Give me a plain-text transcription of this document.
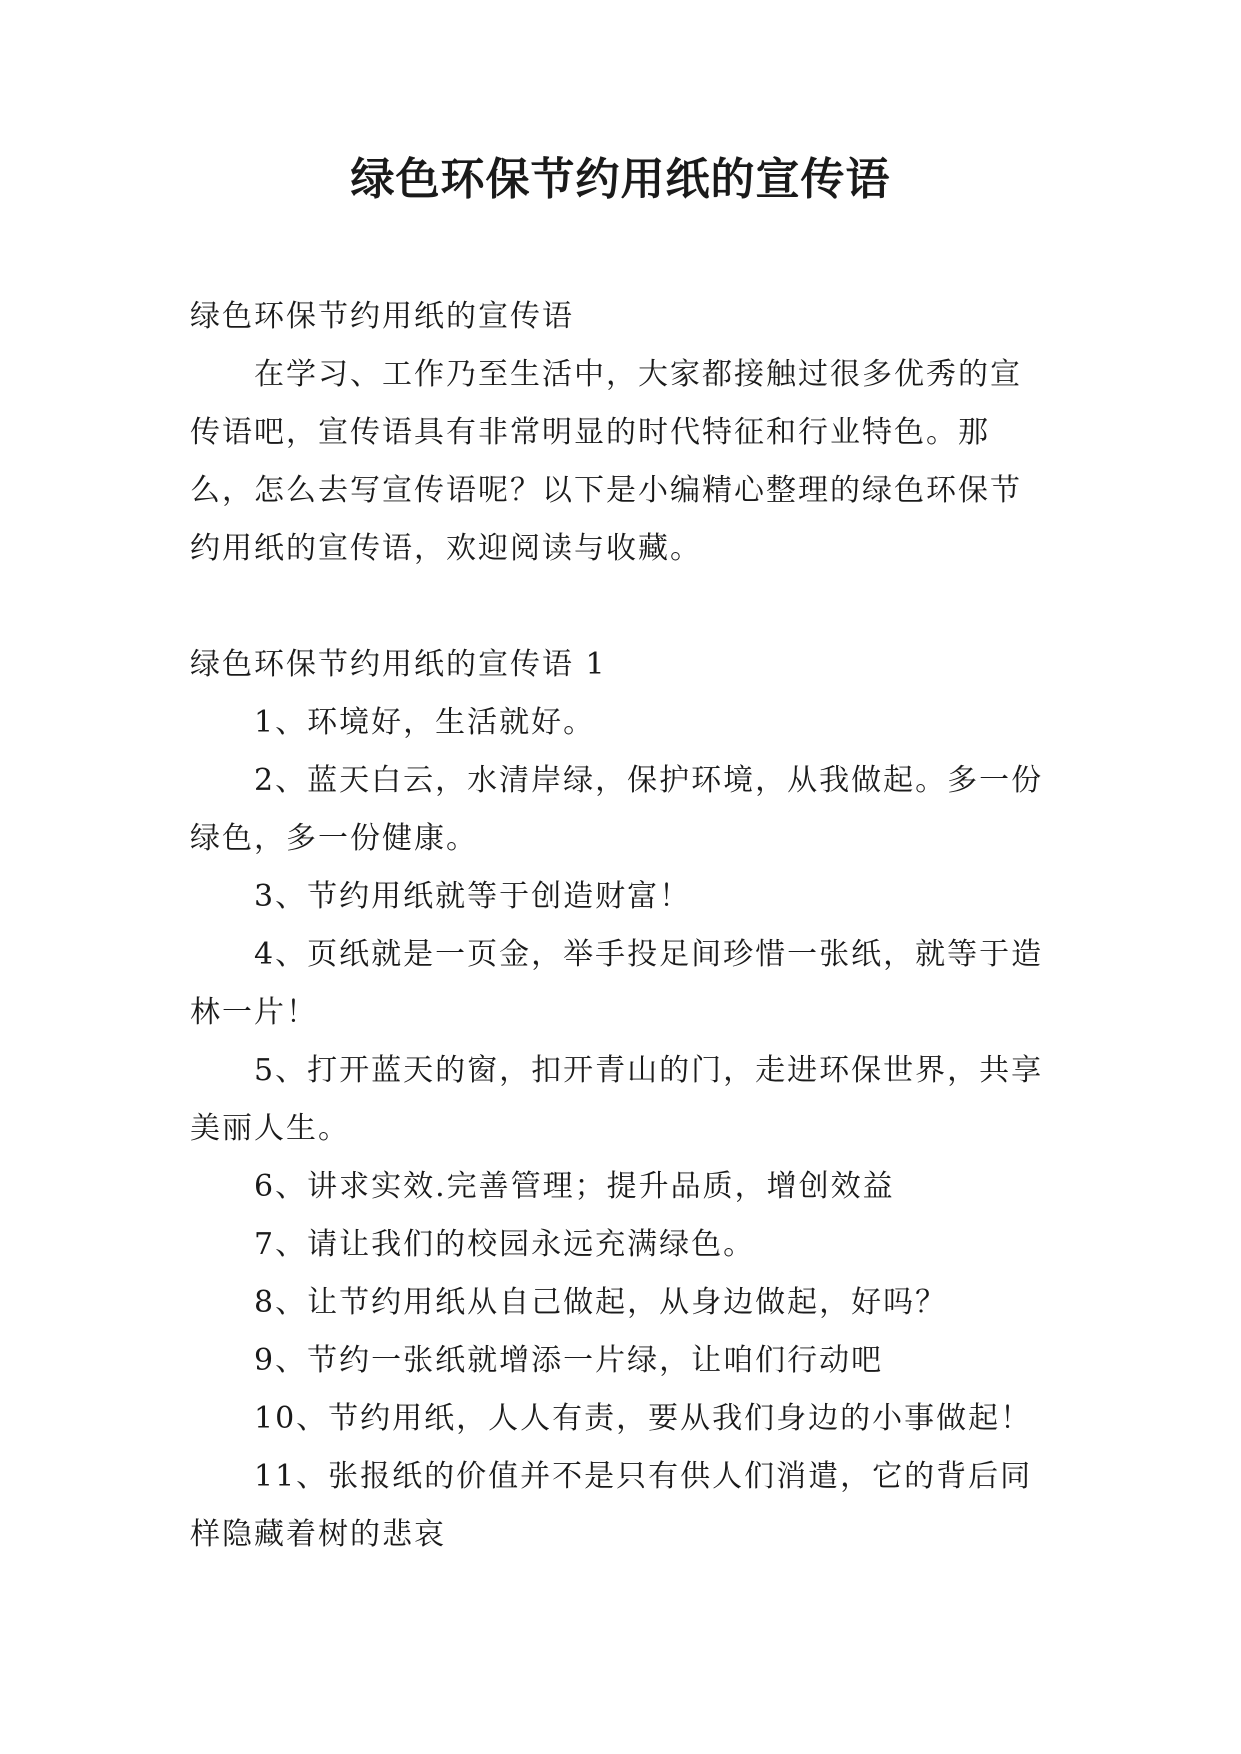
绿色环保节约用纸的宣传语

绿色环保节约用纸的宣传语

在学习、工作乃至生活中，大家都接触过很多优秀的宣传语吧，宣传语具有非常明显的时代特征和行业特色。那么，怎么去写宣传语呢？以下是小编精心整理的绿色环保节约用纸的宣传语，欢迎阅读与收藏。

绿色环保节约用纸的宣传语 1

1、环境好，生活就好。

2、蓝天白云，水清岸绿，保护环境，从我做起。多一份绿色，多一份健康。

3、节约用纸就等于创造财富！

4、页纸就是一页金，举手投足间珍惜一张纸，就等于造林一片！

5、打开蓝天的窗，扣开青山的门，走进环保世界，共享美丽人生。

6、讲求实效.完善管理；提升品质，增创效益

7、请让我们的校园永远充满绿色。

8、让节约用纸从自己做起，从身边做起，好吗？

9、节约一张纸就增添一片绿，让咱们行动吧

10、节约用纸，人人有责，要从我们身边的小事做起！

11、张报纸的价值并不是只有供人们消遣，它的背后同样隐藏着树的悲哀
